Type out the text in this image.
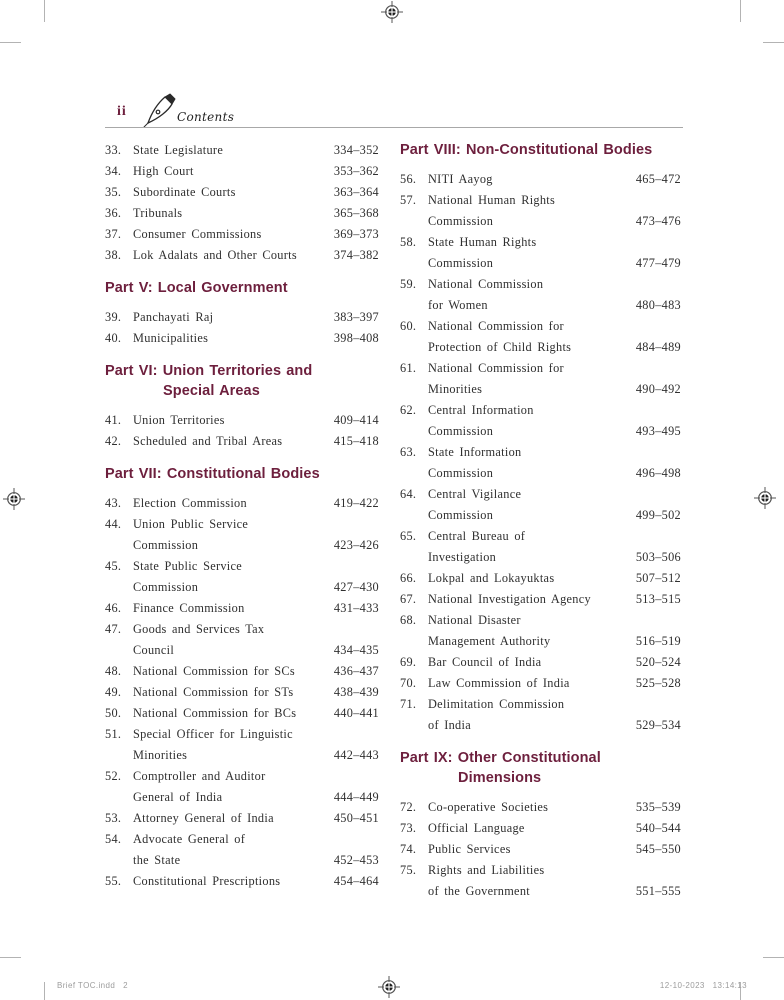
ii	Contents
33. State Legislature	334–352
34. High Court	353–362
35. Subordinate Courts	363–364
36. Tribunals	365–368
37. Consumer Commissions	369–373
38. Lok Adalats and Other Courts	374–382
Part V: Local Government
39. Panchayati Raj	383–397
40. Municipalities	398–408
Part VI: Union Territories and
Special Areas
41. Union Territories	409–414
42. Scheduled and Tribal Areas	415–418
Part VII: Constitutional Bodies
43. Election Commission	419–422
44. Union Public Service
Commission	423–426
45. State Public Service
Commission	427–430
46. Finance Commission	431–433
47. Goods and Services Tax
Council	434–435
48. National Commission for SCs	436–437
49. National Commission for STs	438–439
50. National Commission for BCs	440–441
51. Special Officer for Linguistic
Minorities	442–443
52. Comptroller and Auditor
General of India	444–449
53. Attorney General of India	450–451
54. Advocate General of
the State	452–453
55. Constitutional Prescriptions	454–464
Part VIII: Non-Constitutional Bodies
56. NITI Aayog	465–472
57. National Human Rights
Commission	473–476
58. State Human Rights
Commission	477–479
59. National Commission
for Women	480–483
60. National Commission for
Protection of Child Rights	484–489
61. National Commission for
Minorities	490–492
62. Central Information
Commission	493–495
63. State Information
Commission	496–498
64. Central Vigilance
Commission	499–502
65. Central Bureau of
Investigation	503–506
66. Lokpal and Lokayuktas	507–512
67. National Investigation Agency	513–515
68. National Disaster
Management Authority	516–519
69. Bar Council of India	520–524
70. Law Commission of India	525–528
71. Delimitation Commission
of India	529–534
Part IX: Other Constitutional
Dimensions
72. Co-operative Societies	535–539
73. Official Language	540–544
74. Public Services	545–550
75. Rights and Liabilities
of the Government	551–555
Brief TOC.indd   2	12-10-2023   13:14:13
